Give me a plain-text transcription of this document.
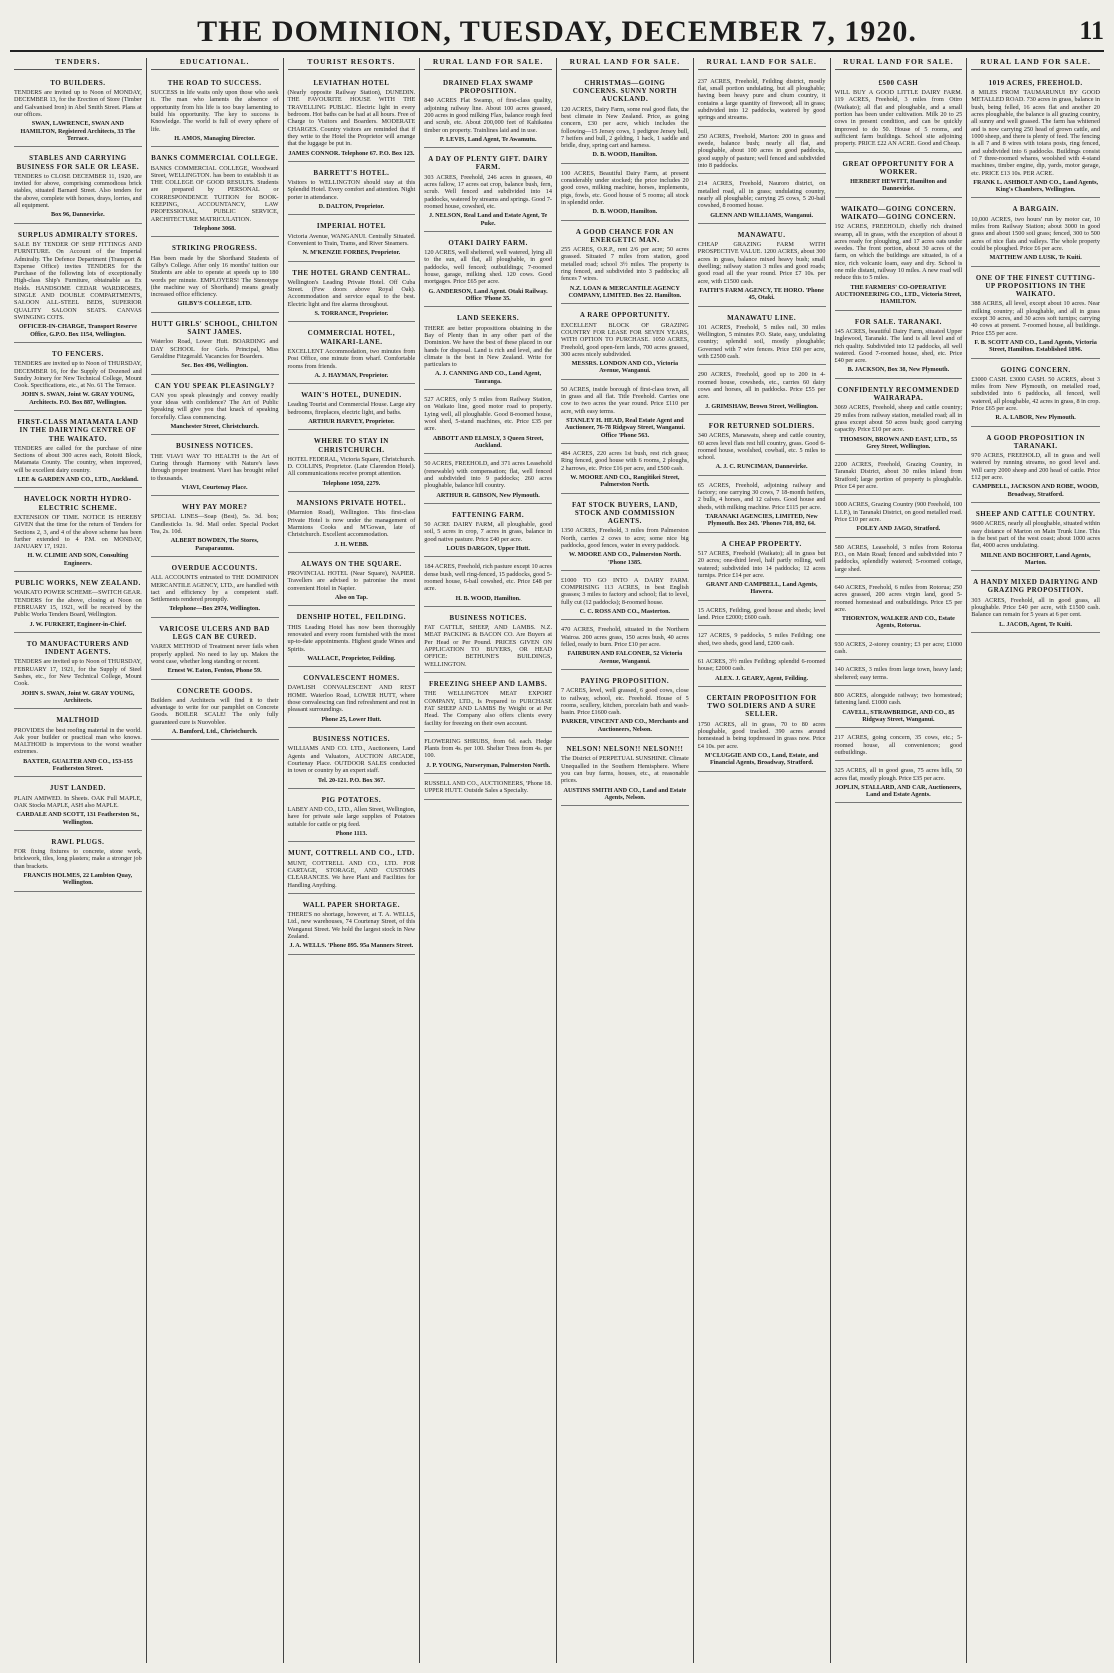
THE DOMINION, TUESDAY, DECEMBER 7, 1920.	11
TENDERS.

TO BUILDERS.

TENDERS are invited up to Noon of MONDAY, DECEMBER 13, for the Erection of Store (Timber and Galvanised Iron) in Abel Smith Street. Plans at our offices.

SWAN, LAWRENCE, SWAN AND HAMILTON, Registered Architects, 33 The Terrace.

STABLES AND CARRYING BUSINESS FOR SALE OR LEASE.

TENDERS to CLOSE DECEMBER 11, 1920, are invited for above, comprising commodious brick stables, situated Barnard Street. Also tenders for the above, complete with horses, drays, lorries, and all equipment.

Box 96, Dannevirke.

SURPLUS ADMIRALTY STORES.

SALE BY TENDER OF SHIP FITTINGS AND FURNITURE. On Account of the Imperial Admiralty. The Defence Department (Transport & Expense Office) invites TENDERS for the Purchase of the following lots of exceptionally High-class Ship's Furniture, obtainable as Ex Holds. HANDSOME CEDAR WARDROBES, SINGLE AND DOUBLE COMPARTMENTS, SALOON ALL-STEEL BEDS, SUPERIOR QUALITY SALOON SEATS. CANVAS SWINGING COTS.

OFFICER-IN-CHARGE, Transport Reserve Office, G.P.O. Box 1154, Wellington.

TO FENCERS.

TENDERS are invited up to Noon of THURSDAY, DECEMBER 16, for the Supply of Dozened and Sundry Joinery for New Technical College, Mount Cook. Specifications, etc., at No. 61 The Terrace.

JOHN S. SWAN, Joint W. GRAY YOUNG, Architects. P.O. Box 887, Wellington.

FIRST-CLASS MATAMATA LAND IN THE DAIRYING CENTRE OF THE WAIKATO.

TENDERS are called for the purchase of nine Sections of about 300 acres each, Rotoiti Block, Matamata County. The country, when improved, will be excellent dairy country.

LEE & GARDEN AND CO., LTD., Auckland.

HAVELOCK NORTH HYDRO-ELECTRIC SCHEME.

EXTENSION OF TIME. NOTICE IS HEREBY GIVEN that the time for the return of Tenders for Sections 2, 3, and 4 of the above scheme has been further extended to 4 P.M. on MONDAY, JANUARY 17, 1921.

H. W. CLIMIE AND SON, Consulting Engineers.

PUBLIC WORKS, NEW ZEALAND.

WAIKATO POWER SCHEME—SWITCH GEAR. TENDERS for the above, closing at Noon on FEBRUARY 15, 1921, will be received by the Public Works Tenders Board, Wellington.

J. W. FURKERT, Engineer-in-Chief.

TO MANUFACTURERS AND INDENT AGENTS.

TENDERS are invited up to Noon of THURSDAY, FEBRUARY 17, 1921, for the Supply of Steel Sashes, etc., for New Technical College, Mount Cook.

JOHN S. SWAN, Joint W. GRAY YOUNG, Architects.

MALTHOID

PROVIDES the best roofing material in the world. Ask your builder or practical man who knows. MALTHOID is impervious to the worst weather extremes.

BAXTER, GUALTER AND CO., 153-155 Featherston Street.

JUST LANDED.

PLAIN AMIWED. In Sheets. OAK Full MAPLE, OAK Stocks MAPLE, ASH also MAPLE.

CARDALE AND SCOTT, 131 Featherston St., Wellington.

RAWL PLUGS.

FOR fixing fixtures to concrete, stone work, brickwork, tiles, long plasters; make a stronger job than brackets.

FRANCIS HOLMES, 22 Lambton Quay, Wellington.

EDUCATIONAL.

THE ROAD TO SUCCESS.

SUCCESS in life waits only upon those who seek it. The man who laments the absence of opportunity from his life is too busy lamenting to build his opportunity. The key to success is Knowledge. The world is full of every sphere of life.

H. AMOS, Managing Director.

BANKS COMMERCIAL COLLEGE.

BANKS COMMERCIAL COLLEGE, Woodward Street, WELLINGTON. has been to establish it as THE COLLEGE OF GOOD RESULTS. Students are prepared by PERSONAL or CORRESPONDENCE TUITION for BOOK-KEEPING, ACCOUNTANCY, LAW PROFESSIONAL, PUBLIC SERVICE, ARCHITECTURE MATRICULATION.

Telephone 3068.

STRIKING PROGRESS.

Has been made by the Shorthand Students of Gilby's College. After only 16 months' tuition our Students are able to operate at speeds up to 180 words per minute. EMPLOYERS! The Stenotype (the machine way of Shorthand) means greatly increased office efficiency.

GILBY'S COLLEGE, LTD.

HUTT GIRLS' SCHOOL, CHILTON SAINT JAMES.

Waterloo Road, Lower Hutt. BOARDING and DAY SCHOOL for Girls. Principal, Miss Geraldine Fitzgerald. Vacancies for Boarders.

Sec. Box 496, Wellington.

CAN YOU SPEAK PLEASINGLY?

CAN you speak pleasingly and convey readily your ideas with confidence? The Art of Public Speaking will give you that knack of speaking forcefully. Class commencing.

Manchester Street, Christchurch.

BUSINESS NOTICES.

THE VIAVI WAY TO HEALTH is the Art of Curing through Harmony with Nature's laws through proper treatment. Viavi has brought relief to thousands.

VIAVI, Courtenay Place.

WHY PAY MORE?

SPECIAL LINES—Soap (Best), 5s. 3d. box; Candlesticks 1s. 9d. Mail order. Special Pocket Tea, 2s. 10d.

ALBERT BOWDEN, The Stores, Paraparaumu.

OVERDUE ACCOUNTS.

ALL ACCOUNTS entrusted to THE DOMINION MERCANTILE AGENCY, LTD., are handled with tact and efficiency by a competent staff. Settlements rendered promptly.

Telephone—Box 2974, Wellington.

VARICOSE ULCERS AND BAD LEGS CAN BE CURED.

VAREX METHOD of Treatment never fails when properly applied. No need to lay up. Makes the worst case, whether long standing or recent.

Ernest W. Eaton, Fenton, Phone 59.

CONCRETE GOODS.

Builders and Architects will find it to their advantage to write for our pamphlet on Concrete Goods. BOILER SCALE! The only fully guaranteed cure is Nuovoblee.

A. Bamford, Ltd., Christchurch.

TOURIST RESORTS.

LEVIATHAN HOTEL

(Nearly opposite Railway Station), DUNEDIN. THE FAVOURITE HOUSE WITH THE TRAVELLING PUBLIC. Electric light in every bedroom. Hot baths can be had at all hours. Free of Charge to Visitors and Boarders. MODERATE CHARGES. Country visitors are reminded that if they write to the Hotel the Proprietor will arrange that the luggage be put in.

JAMES CONNOR. Telephone 67. P.O. Box 123.

BARRETT'S HOTEL.

Visitors to WELLINGTON should stay at this Splendid Hotel. Every comfort and attention. Night porter in attendance.

D. DALTON, Proprietor.

IMPERIAL HOTEL

Victoria Avenue, WANGANUI. Centrally Situated. Convenient to Train, Trams, and River Steamers.

N. M'KENZIE FORBES, Proprietor.

THE HOTEL GRAND CENTRAL.

Wellington's Leading Private Hotel. Off Cuba Street. (Few doors above Royal Oak). Accommodation and service equal to the best. Electric light and fire alarms throughout.

S. TORRANCE, Proprietor.

COMMERCIAL HOTEL, WAIKARI-LANE.

EXCELLENT Accommodation, two minutes from Post Office, one minute from wharf. Comfortable rooms from friends.

A. J. HAYMAN, Proprietor.

WAIN'S HOTEL, DUNEDIN.

Leading Tourist and Commercial House. Large airy bedrooms, fireplaces, electric light, and baths.

ARTHUR HARVEY, Proprietor.

WHERE TO STAY IN CHRISTCHURCH.

HOTEL FEDERAL, Victoria Square, Christchurch. D. COLLINS, Proprietor. (Late Clarendon Hotel). All communications receive prompt attention.

Telephone 1050, 2279.

MANSIONS PRIVATE HOTEL.

(Marmion Road), Wellington. This first-class Private Hotel is now under the management of Marmions Cooks and M'Gowan, late of Christchurch. Excellent accommodation.

J. H. WEBB.

ALWAYS ON THE SQUARE.

PROVINCIAL HOTEL (Near Square), NAPIER. Travellers are advised to patronise the most convenient Hotel in Napier.

Also on Tap.

DENSHIP HOTEL, FEILDING.

THIS Leading Hotel has now been thoroughly renovated and every room furnished with the most up-to-date appointments. Highest grade Wines and Spirits.

WALLACE, Proprietor, Feilding.

CONVALESCENT HOMES.

DAWLISH CONVALESCENT AND REST HOME. Waterloo Road, LOWER HUTT, where those convalescing can find refreshment and rest in pleasant surroundings.

Phone 25, Lower Hutt.

BUSINESS NOTICES.

WILLIAMS AND CO. LTD., Auctioneers, Land Agents and Valuators, AUCTION ARCADE, Courtenay Place. OUTDOOR SALES conducted in town or country by an expert staff.

Tel. 20-121. P.O. Box 367.

PIG POTATOES.

LABEY AND CO., LTD., Allen Street, Wellington, have for private sale large supplies of Potatoes suitable for cattle or pig feed.

Phone 1113.

MUNT, COTTRELL AND CO., LTD.

MUNT, COTTRELL AND CO., LTD. FOR CARTAGE, STORAGE, AND CUSTOMS CLEARANCES. We have Plant and Facilities for Handling Anything.

WALL PAPER SHORTAGE.

THERE'S no shortage, however, at T. A. WELLS, Ltd., new warehouses, 74 Courtenay Street, of this Wanganui Street. We hold the largest stock in New Zealand.

J. A. WELLS. 'Phone 895. 95a Manners Street.

RURAL LAND FOR SALE.

DRAINED FLAX SWAMP PROPOSITION.

840 ACRES Flat Swamp, of first-class quality, adjoining railway line. About 100 acres grassed, 200 acres in good milking Flax, balance rough feed and scrub, etc. About 200,000 feet of Kahikatea timber on property. Trainlines laid and in use.

P. LEVIS, Land Agent, Te Awamutu.

A DAY OF PLENTY GIFT. DAIRY FARM.

303 ACRES, Freehold, 246 acres in grasses, 40 acres fallow, 17 acres oat crop, balance bush, fern, scrub. Well fenced and subdivided into 14 paddocks, watered by streams and springs. Good 7-roomed house, cowshed, etc.

J. NELSON, Real Land and Estate Agent, Te Puke.

OTAKI DAIRY FARM.

120 ACRES, well sheltered, well watered, lying all to the sun, all flat, all ploughable, in good paddocks, well fenced; outbuildings; 7-roomed house, garage, milking shed. 120 cows. Good mortgages. Price £65 per acre.

G. ANDERSON, Land Agent. Otaki Railway. Office 'Phone 35.

LAND SEEKERS.

THERE are better propositions obtaining in the Bay of Plenty than in any other part of the Dominion. We have the best of these placed in our hands for disposal. Land is rich and level, and the climate is the best in New Zealand. Write for particulars to

A. J. CANNING AND CO., Land Agent, Tauranga.

527 ACRES, only 5 miles from Railway Station, on Waikato line, good motor road to property. Lying well, all ploughable. Good 8-roomed house, wool shed, 5-stand machines, etc. Price £35 per acre.

ABBOTT AND ELMSLY, 3 Queen Street, Auckland.

50 ACRES, FREEHOLD, and 371 acres Leasehold (renewable) with compensation; flat, well fenced and subdivided into 9 paddocks; 260 acres ploughable, balance hill country.

ARTHUR R. GIBSON, New Plymouth.

FATTENING FARM.

50 ACRE DAIRY FARM, all ploughable, good soil, 5 acres in crop, 7 acres in grass, balance in good native pasture. Price £40 per acre.

LOUIS DARGON, Upper Hutt.

184 ACRES, Freehold, rich pasture except 10 acres dense bush, well ring-fenced, 15 paddocks, good 5-roomed house, 6-bail cowshed, etc. Price £48 per acre.

H. B. WOOD, Hamilton.

BUSINESS NOTICES.

FAT CATTLE, SHEEP, AND LAMBS. N.Z. MEAT PACKING & BACON CO. Are Buyers at Per Head or Per Pound. PRICES GIVEN ON APPLICATION TO BUYERS, OR HEAD OFFICE: BETHUNE'S BUILDINGS, WELLINGTON.

FREEZING SHEEP AND LAMBS.

THE WELLINGTON MEAT EXPORT COMPANY, LTD., Is Prepared to PURCHASE FAT SHEEP AND LAMBS By Weight or at Per Head. The Company also offers clients every facility for freezing on their own account.

FLOWERING SHRUBS, from 6d. each. Hedge Plants from 4s. per 100. Shelter Trees from 4s. per 100.

J. P. YOUNG, Nurseryman, Palmerston North.

RUSSELL AND CO., AUCTIONEERS, 'Phone 18. UPPER HUTT. Outside Sales a Specialty.

RURAL LAND FOR SALE.

CHRISTMAS—GOING CONCERNS. SUNNY NORTH AUCKLAND.

120 ACRES, Dairy Farm, some real good flats, the best climate in New Zealand. Price, as going concern, £30 per acre, which includes the following—15 Jersey cows, 1 pedigree Jersey bull, 7 heifers and bull, 2 gelding, 1 hack, 1 saddle and bridle, dray, spring cart and harness.

D. B. WOOD, Hamilton.

100 ACRES, Beautiful Dairy Farm, at present considerably under stocked; the price includes 20 good cows, milking machine, horses, implements, pigs, fowls, etc. Good house of 5 rooms; all stock in splendid order.

D. B. WOOD, Hamilton.

A GOOD CHANCE FOR AN ENERGETIC MAN.

255 ACRES, O.R.P., rent 2/6 per acre; 50 acres grassed. Situated 7 miles from station, good metalled road; school 3½ miles. The property is ring fenced, and subdivided into 3 paddocks; all fences 7 wires.

N.Z. LOAN & MERCANTILE AGENCY COMPANY, LIMITED. Box 22. Hamilton.

A RARE OPPORTUNITY.

EXCELLENT BLOCK OF GRAZING COUNTRY FOR LEASE FOR SEVEN YEARS, WITH OPTION TO PURCHASE. 1050 ACRES, Freehold, good open-fern lands, 700 acres grassed, 300 acres nicely subdivided.

MESSRS. LONDON AND CO., Victoria Avenue, Wanganui.

50 ACRES, inside borough of first-class town, all in grass and all flat. Title Freehold. Carries one cow to two acres the year round. Price £110 per acre, with easy terms.

STANLEY H. HEAD, Real Estate Agent and Auctioneer, 76-78 Ridgway Street, Wanganui. Office 'Phone 563.

484 ACRES, 220 acres 1st bush, rest rich grass; Ring fenced, good house with 6 rooms, 2 ploughs, 2 harrows, etc. Price £16 per acre, and £500 cash.

W. MOORE AND CO., Rangitikei Street, Palmerston North.

FAT STOCK BUYERS, LAND, STOCK AND COMMISSION AGENTS.

1350 ACRES, Freehold, 3 miles from Palmerston North, carries 2 cows to acre; some nice big paddocks, good fences, water in every paddock.

W. MOORE AND CO., Palmerston North. 'Phone 1385.

£1000 TO GO INTO A DAIRY FARM. COMPRISING 113 ACRES, in best English grasses; 3 miles to factory and school; flat to level, fully cut (12 paddocks); 8-roomed house.

C. C. ROSS AND CO., Masterton.

470 ACRES, Freehold, situated in the Northern Wairoa. 200 acres grass, 150 acres bush, 40 acres felled, ready to burn. Price £10 per acre.

FAIRBURN AND FALCONER, 52 Victoria Avenue, Wanganui.

PAYING PROPOSITION.

7 ACRES, level, well grassed, 6 good cows, close to railway, school, etc. Freehold. House of 5 rooms, scullery, kitchen, porcelain bath and wash-basin. Price £1600 cash.

PARKER, VINCENT AND CO., Merchants and Auctioneers, Nelson.

NELSON! NELSON!! NELSON!!!

The District of PERPETUAL SUNSHINE. Climate Unequalled in the Southern Hemisphere. Where you can buy farms, houses, etc., at reasonable prices.

AUSTINS SMITH AND CO., Land and Estate Agents, Nelson.

RURAL LAND FOR SALE.

237 ACRES, Freehold, Feilding district, mostly flat, small portion undulating, but all ploughable; having been heavy pure and chum country, it contains a large quantity of firewood; all in grass; subdivided into 12 paddocks, watered by good springs and streams.

250 ACRES, Freehold, Marton: 200 in grass and swede, balance bush; nearly all flat, and ploughable, about 100 acres in good paddocks, good supply of pasture; well fenced and subdivided into 8 paddocks.

214 ACRES, Freehold, Nauroro district, on metalled road, all in grass; undulating country, nearly all ploughable; carrying 25 cows, 5 20-bail cowshed, 8 roomed house.

GLENN AND WILLIAMS, Wanganui.

MANAWATU.

CHEAP GRAZING FARM WITH PROSPECTIVE VALUE. 1200 ACRES, about 300 acres in grass, balance mixed heavy bush; small dwelling; railway station 3 miles and good roads; good road all the year round. Price £7 10s. per acre, with £1500 cash.

FAITH'S FARM AGENCY, TE HORO. 'Phone 45, Otaki.

MANAWATU LINE.

101 ACRES, Freehold, 5 miles rail, 30 miles Wellington, 5 minutes P.O. State, easy, undulating country; splendid soil, mostly ploughable; Governed with 7 wire fences. Price £60 per acre, with £2500 cash.

290 ACRES, Freehold, good up to 200 in 4-roomed house, cowsheds, etc., carries 60 dairy cows and horses, all in paddocks. Price £55 per acre.

J. GRIMSHAW, Brown Street, Wellington.

FOR RETURNED SOLDIERS.

340 ACRES, Manawatu, sheep and cattle country, 60 acres level flats rest hill country, grass. Good 6-roomed house, woolshed, cowbail, etc. 5 miles to school.

A. J. C. RUNCIMAN, Dannevirke.

65 ACRES, Freehold, adjoining railway and factory; one carrying 30 cows, 7 18-month heifers, 2 bulls, 4 horses, and 12 calves. Good house and sheds, with milking machine. Price £115 per acre.

TARANAKI AGENCIES, LIMITED, New Plymouth. Box 243. 'Phones 718, 892, 64.

A CHEAP PROPERTY.

517 ACRES, Freehold (Waikato); all in grass but 20 acres; one-third level, half partly rolling, well watered; subdivided into 14 paddocks; 12 acres turnips. Price £14 per acre.

GRANT AND CAMPBELL, Land Agents, Hawera.

15 ACRES, Feilding, good house and sheds; level land. Price £2000; £600 cash.

127 ACRES, 9 paddocks, 5 miles Feilding; one shed, two sheds, good land, £200 cash.

61 ACRES, 3½ miles Feilding; splendid 6-roomed house; £2000 cash.

ALEX. J. GEARY, Agent, Feilding.

CERTAIN PROPOSITION FOR TWO SOLDIERS AND A SURE SELLER.

1750 ACRES, all in grass, 70 to 80 acres ploughable, good tracked. 390 acres around homestead is being topdressed in grass now. Price £4 10s. per acre.

M'CLUGGIE AND CO., Land, Estate, and Financial Agents, Broadway, Stratford.

RURAL LAND FOR SALE.

£500 CASH

WILL BUY A GOOD LITTLE DAIRY FARM. 119 ACRES, Freehold, 3 miles from Otiro (Waikato); all flat and ploughable, and a small portion has been under cultivation. Milk 20 to 25 cows in present condition, and can be quickly improved to do 50. House of 5 rooms, and sufficient farm buildings. School site adjoining property. PRICE £22 AN ACRE. Good and Cheap.

GREAT OPPORTUNITY FOR A WORKER.

HERBERT HEWITT, Hamilton and Dannevirke.

WAIKATO—GOING CONCERN. WAIKATO—GOING CONCERN.

192 ACRES, FREEHOLD, chiefly rich drained swamp, all in grass, with the exception of about 8 acres ready for ploughing, and 17 acres oats under swedes. The front portion, about 30 acres of the farm, on which the buildings are situated, is of a nice, rich volcanic loam, easy and dry. School is one mile distant, railway 10 miles. A new road will reduce this to 5 miles.

THE FARMERS' CO-OPERATIVE AUCTIONEERING CO., LTD., Victoria Street, HAMILTON.

FOR SALE. TARANAKI.

145 ACRES, beautiful Dairy Farm, situated Upper Inglewood, Taranaki. The land is all level and of rich quality. Subdivided into 12 paddocks, all well watered. Good 7-roomed house, shed, etc. Price £40 per acre.

B. JACKSON, Box 38, New Plymouth.

CONFIDENTLY RECOMMENDED WAIRARAPA.

3069 ACRES, Freehold, sheep and cattle country; 29 miles from railway station, metalled road; all in grass except about 50 acres bush; good carrying capacity. Price £10 per acre.

THOMSON, BROWN AND EAST, LTD., 55 Grey Street, Wellington.

2200 ACRES, Freehold, Grazing Country, in Taranaki District, about 30 miles inland from Stratford; large portion of property is ploughable. Price £4 per acre.

1000 ACRES, Grazing Country (900 Freehold, 100 L.I.P.), in Taranaki District, on good metalled road. Price £10 per acre.

FOLEY AND JAGO, Stratford.

580 ACRES, Leasehold, 3 miles from Rotorua P.O., on Main Road; fenced and subdivided into 7 paddocks, splendidly watered; 5-roomed cottage, large shed.

640 ACRES, Freehold, 6 miles from Rotorua; 250 acres grassed, 200 acres virgin land, good 5-roomed homestead and outbuildings. Price £5 per acre.

THORNTON, WALKER AND CO., Estate Agents, Rotorua.

930 ACRES, 2-storey country; £3 per acre; £1000 cash.

140 ACRES, 3 miles from large town, heavy land; sheltered; easy terms.

800 ACRES, alongside railway; two homestead; fattening land. £1000 cash.

CAVELL, STRAWBRIDGE, AND CO., 85 Ridgway Street, Wanganui.

217 ACRES, going concern, 35 cows, etc.; 5-roomed house, all conveniences; good outbuildings.

325 ACRES, all in good grass, 75 acres hills, 50 acres flat, mostly plough. Price £35 per acre.

JOPLIN, STALLARD, AND CAR, Auctioneers, Land and Estate Agents.

RURAL LAND FOR SALE.

1019 ACRES, FREEHOLD.

8 MILES FROM TAUMARUNUI BY GOOD METALLED ROAD. 730 acres in grass, balance in bush, being felled, 16 acres flat and another 20 acres ploughable, the balance is all grazing country, all sunny and well grassed. The farm has whitened and is now carrying 250 head of grown cattle, and 1000 sheep, and there is plenty of feed. The fencing is all 7 and 8 wires with totara posts, ring fenced, and subdivided into 6 paddocks. Buildings consist of 7 three-roomed whares, woolshed with 4-stand machines, timber engine, dip, yards, motor garage, etc. PRICE £13 10s. PER ACRE.

FRANK L. ASHBOLT AND CO., Land Agents, King's Chambers, Wellington.

A BARGAIN.

10,000 ACRES, two hours' run by motor car, 10 miles from Railway Station; about 3000 in good grass and about 1500 soil grass; fenced, 300 to 500 acres of nice flats and valleys. The whole property could be ploughed. Price £6 per acre.

MATTHEW AND LUSK, Te Kuiti.

ONE OF THE FINEST CUTTING-UP PROPOSITIONS IN THE WAIKATO.

388 ACRES, all level, except about 10 acres. Near milking country; all ploughable, and all in grass except 30 acres, and 30 acres soft turnips; carrying 40 cows at present. 7-roomed house, all buildings. Price £55 per acre.

F. B. SCOTT AND CO., Land Agents, Victoria Street, Hamilton. Established 1896.

GOING CONCERN.

£3000 CASH. £3000 CASH. 50 ACRES, about 3 miles from New Plymouth, on metalled road, subdivided into 6 paddocks, all fenced, well watered, all ploughable, 42 acres in grass, 8 in crop. Price £65 per acre.

R. A. LABOR, New Plymouth.

A GOOD PROPOSITION IN TARANAKI.

970 ACRES, FREEHOLD, all in grass and well watered by running streams, no good level and. Will carry 2000 sheep and 200 head of cattle. Price £12 per acre.

CAMPBELL, JACKSON AND ROBE, WOOD, Broadway, Stratford.

SHEEP AND CATTLE COUNTRY.

9600 ACRES, nearly all ploughable, situated within easy distance of Marton on Main Trunk Line. This is the best part of the west coast; about 1000 acres flat, 4000 acres undulating.

MILNE AND BOCHFORT, Land Agents, Marton.

A HANDY MIXED DAIRYING AND GRAZING PROPOSITION.

303 ACRES, Freehold, all in good grass, all ploughable. Price £40 per acre, with £1500 cash. Balance can remain for 5 years at 6 per cent.

L. JACOB, Agent, Te Kuiti.
